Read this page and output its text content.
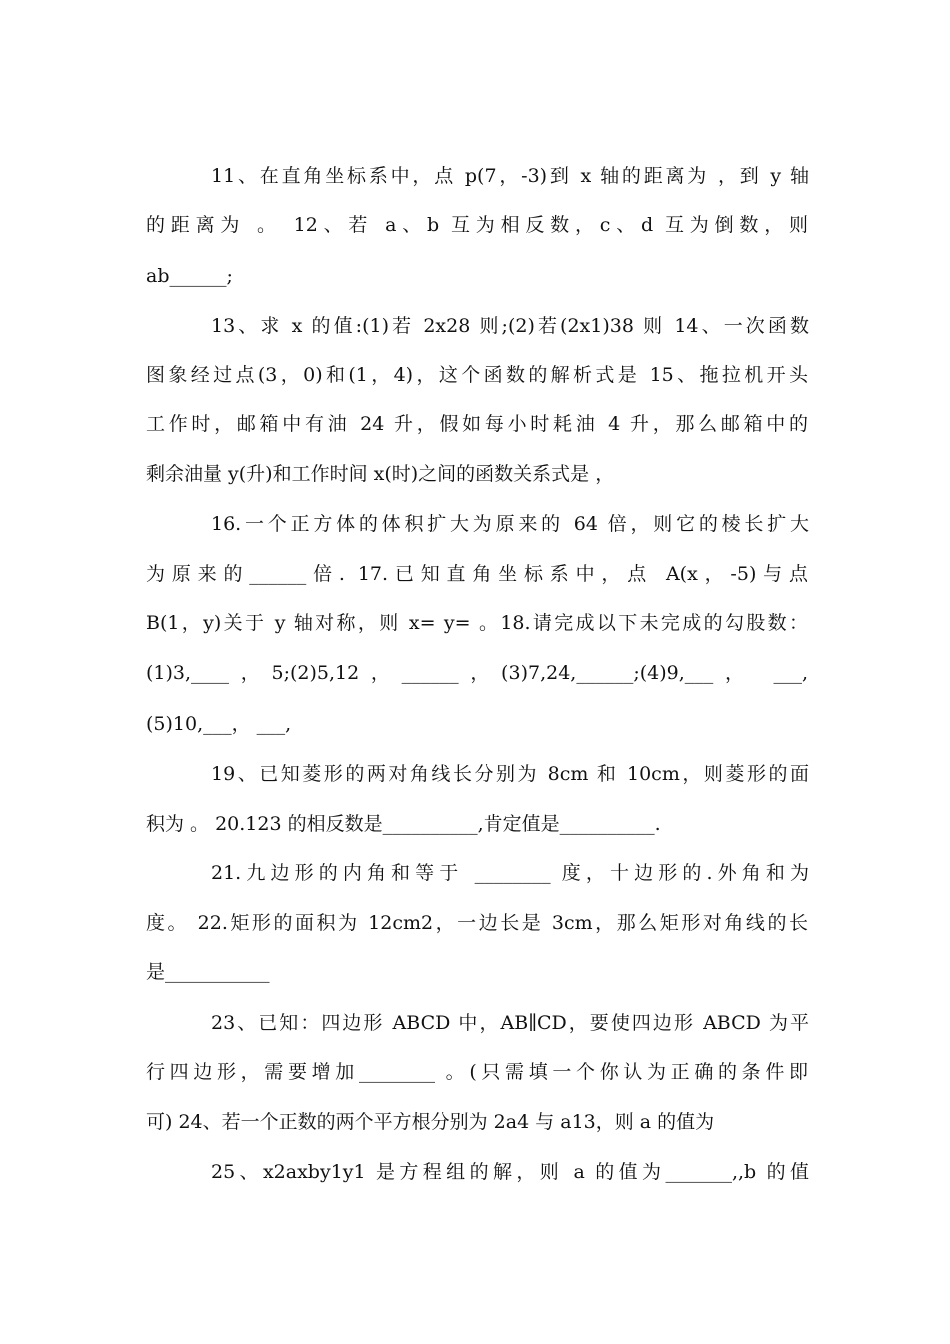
11、在直角坐标系中，点 p(7，-3)到 x 轴的距离为 ，到 y 轴
的距离为 。 12、若 a、b 互为相反数，c、d 互为倒数，则
ab______;
13、求 x 的值:(1)若 2x28 则;(2)若(2x1)38 则 14、一次函数
图象经过点(3，0)和(1，4)，这个函数的解析式是 15、拖拉机开头
工作时，邮箱中有油 24 升，假如每小时耗油 4 升，那么邮箱中的
剩余油量 y(升)和工作时间 x(时)之间的函数关系式是 ，
16.一个正方体的体积扩大为原来的 64 倍，则它的棱长扩大
为原来的______倍. 17.已知直角坐标系中，点 A(x，-5)与点
B(1，y)关于 y 轴对称，则 x= y= 。18.请完成以下未完成的勾股数：
(1)3,____，5;(2)5,12，______，(3)7,24,______;(4)9,___， ___,
(5)10,___， ___,
19、已知菱形的两对角线长分别为 8cm 和 10cm，则菱形的面
积为 。 20.123 的相反数是__________,肯定值是__________.
21.九边形的内角和等于 ________ 度，十边形的.外角和为
度。 22.矩形的面积为 12cm2，一边长是 3cm，那么矩形对角线的长
是___________
23、已知：四边形 ABCD 中，AB∥CD，要使四边形 ABCD 为平
行四边形，需要增加________ 。(只需填一个你认为正确的条件即
可) 24、若一个正数的两个平方根分别为 2a4 与 a13，则 a 的值为
25、x2axby1y1 是方程组的解，则 a 的值为_______,,b 的值
